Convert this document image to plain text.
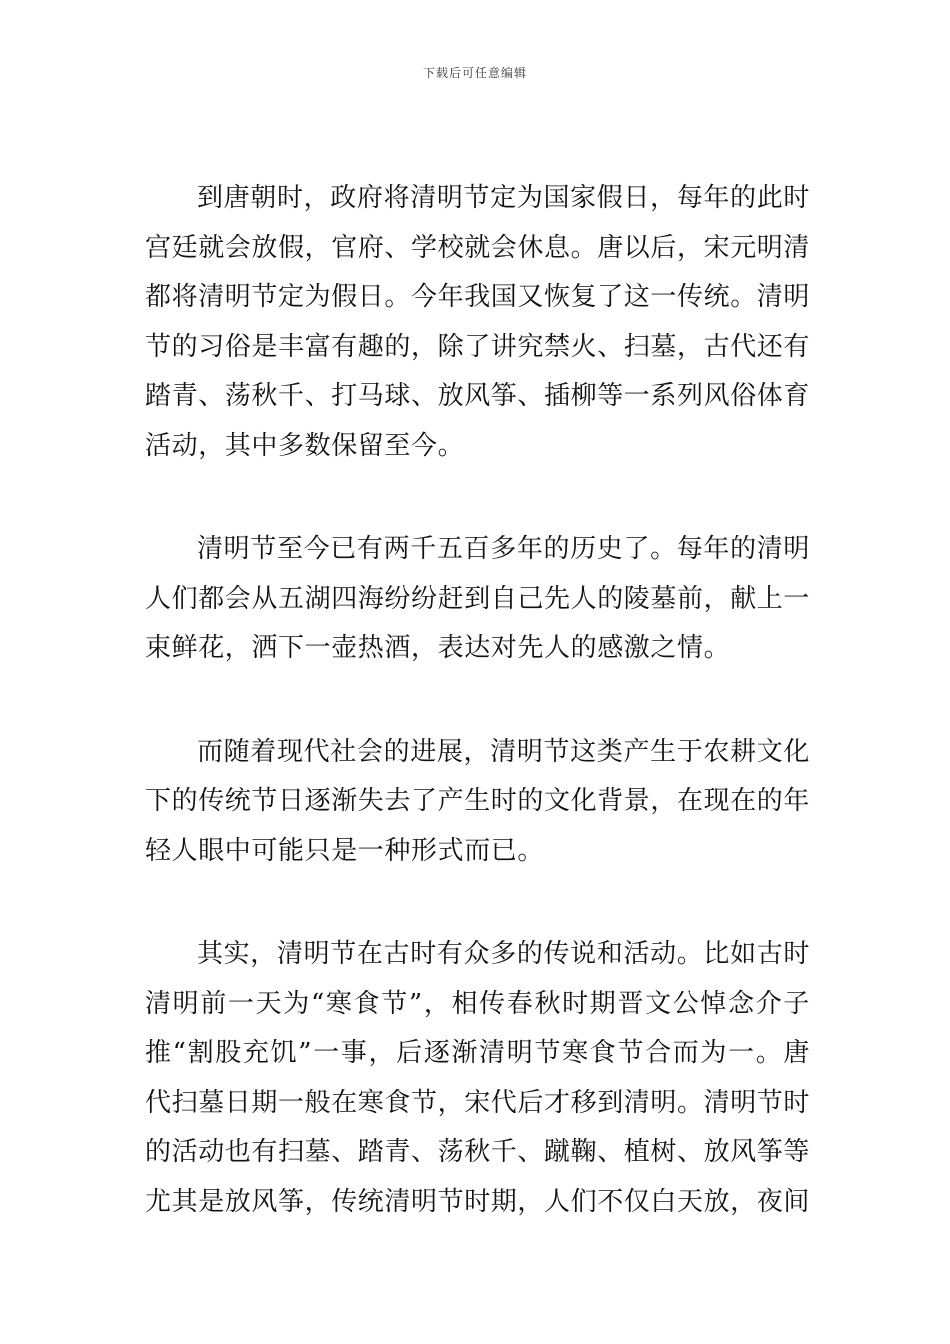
下载后可任意编辑

到唐朝时，政府将清明节定为国家假日，每年的此时宫廷就会放假，官府、学校就会休息。唐以后，宋元明清都将清明节定为假日。今年我国又恢复了这一传统。清明节的习俗是丰富有趣的，除了讲究禁火、扫墓，古代还有踏青、荡秋千、打马球、放风筝、插柳等一系列风俗体育活动，其中多数保留至今。

清明节至今已有两千五百多年的历史了。每年的清明人们都会从五湖四海纷纷赶到自己先人的陵墓前，献上一束鲜花，洒下一壶热酒，表达对先人的感激之情。

而随着现代社会的进展，清明节这类产生于农耕文化下的传统节日逐渐失去了产生时的文化背景，在现在的年轻人眼中可能只是一种形式而已。

其实，清明节在古时有众多的传说和活动。比如古时清明前一天为“寒食节”，相传春秋时期晋文公悼念介子推“割股充饥”一事，后逐渐清明节寒食节合而为一。唐代扫墓日期一般在寒食节，宋代后才移到清明。清明节时的活动也有扫墓、踏青、荡秋千、蹴鞠、植树、放风筝等尤其是放风筝，传统清明节时期，人们不仅白天放，夜间
